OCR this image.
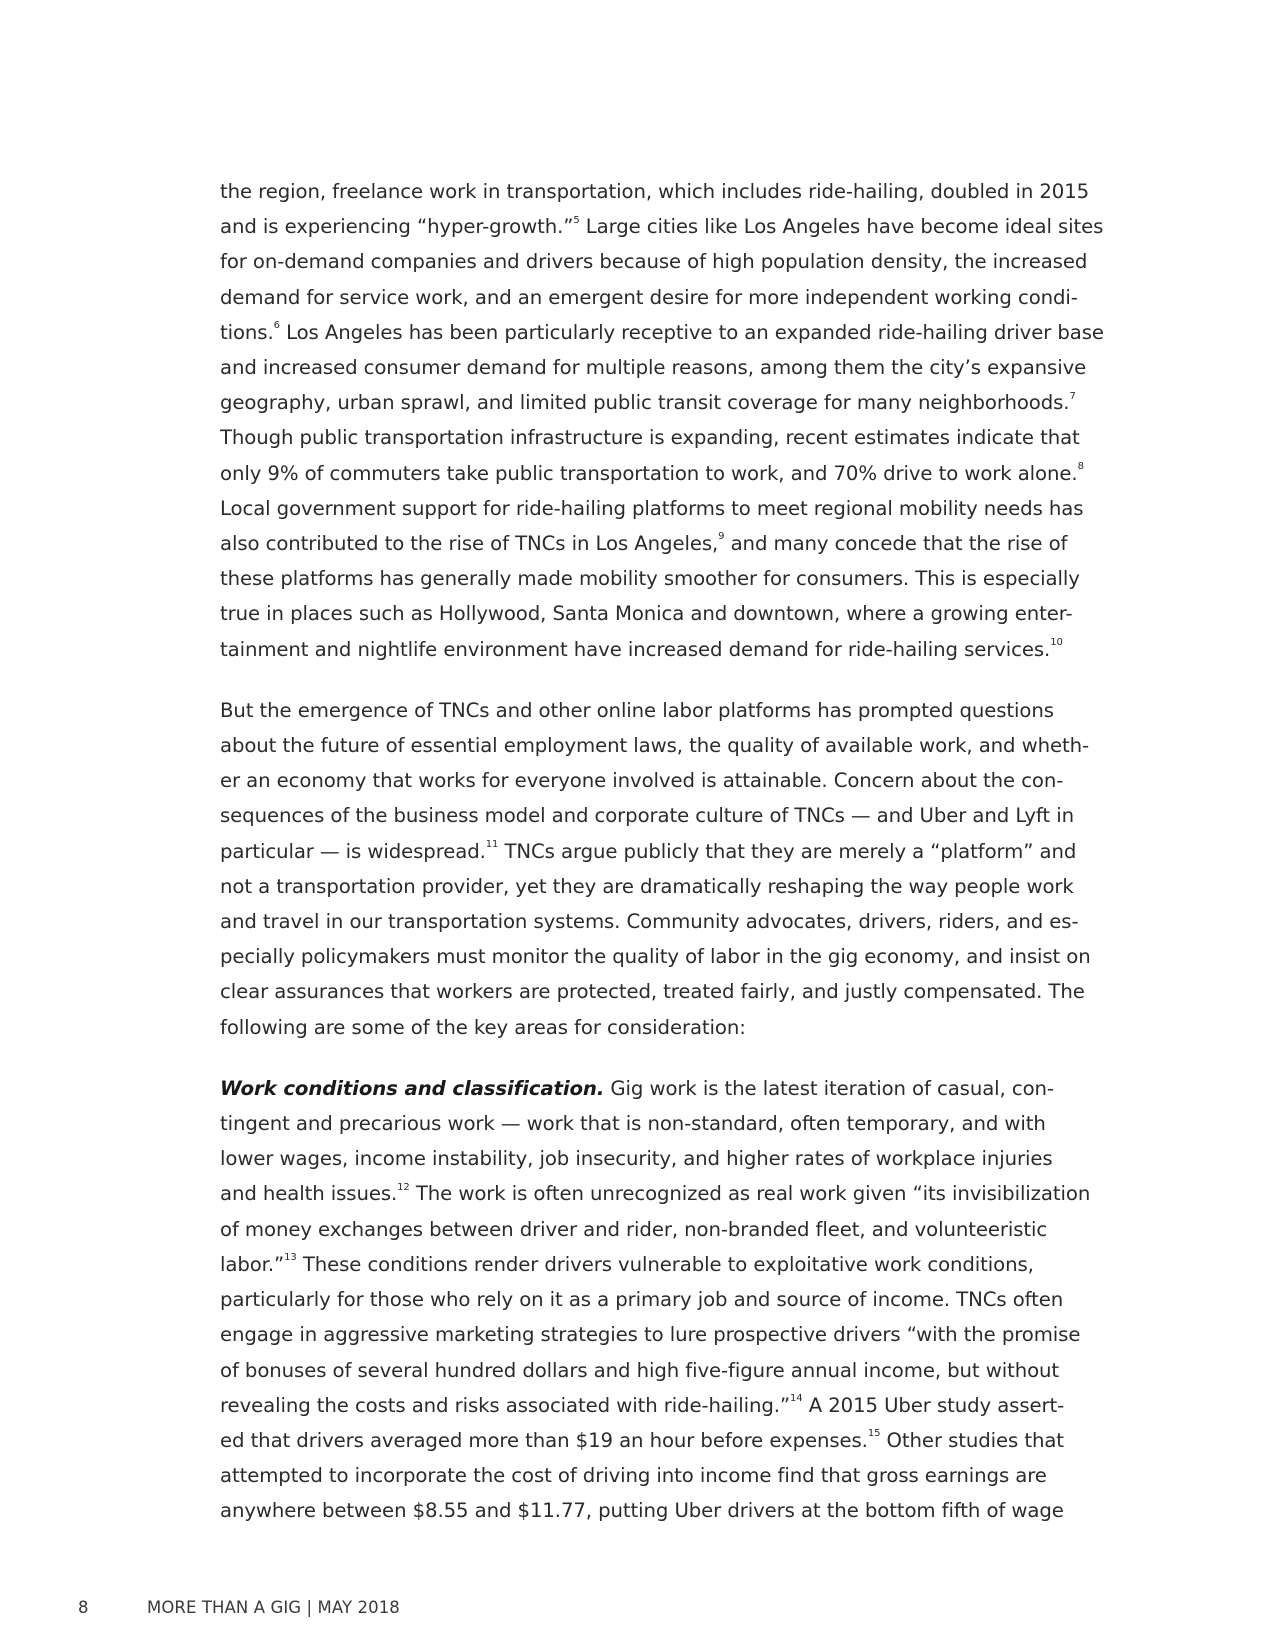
the region, freelance work in transportation, which includes ride-hailing, doubled in 2015
and is experiencing “hyper-growth.”$^5$ Large cities like Los Angeles have become ideal sites
for on-demand companies and drivers because of high population density, the increased
demand for service work, and an emergent desire for more independent working condi-
tions.$^6$ Los Angeles has been particularly receptive to an expanded ride-hailing driver base
and increased consumer demand for multiple reasons, among them the city’s expansive
geography, urban sprawl, and limited public transit coverage for many neighborhoods.$^7$
Though public transportation infrastructure is expanding, recent estimates indicate that
only 9% of commuters take public transportation to work, and 70% drive to work alone.$^8$
Local government support for ride-hailing platforms to meet regional mobility needs has
also contributed to the rise of TNCs in Los Angeles,$^9$ and many concede that the rise of
these platforms has generally made mobility smoother for consumers. This is especially
true in places such as Hollywood, Santa Monica and downtown, where a growing enter-
tainment and nightlife environment have increased demand for ride-hailing services.$^{10}$

But the emergence of TNCs and other online labor platforms has prompted questions
about the future of essential employment laws, the quality of available work, and wheth-
er an economy that works for everyone involved is attainable. Concern about the con-
sequences of the business model and corporate culture of TNCs — and Uber and Lyft in
particular — is widespread.$^{11}$ TNCs argue publicly that they are merely a “platform” and
not a transportation provider, yet they are dramatically reshaping the way people work
and travel in our transportation systems. Community advocates, drivers, riders, and es-
pecially policymakers must monitor the quality of labor in the gig economy, and insist on
clear assurances that workers are protected, treated fairly, and justly compensated. The
following are some of the key areas for consideration:

Work conditions and classification. Gig work is the latest iteration of casual, con-
tingent and precarious work — work that is non-standard, often temporary, and with
lower wages, income instability, job insecurity, and higher rates of workplace injuries
and health issues.$^{12}$ The work is often unrecognized as real work given “its invisibilization
of money exchanges between driver and rider, non-branded fleet, and volunteeristic
labor.”$^{13}$ These conditions render drivers vulnerable to exploitative work conditions,
particularly for those who rely on it as a primary job and source of income. TNCs often
engage in aggressive marketing strategies to lure prospective drivers “with the promise
of bonuses of several hundred dollars and high five-figure annual income, but without
revealing the costs and risks associated with ride-hailing.”$^{14}$ A 2015 Uber study assert-
ed that drivers averaged more than $19 an hour before expenses.$^{15}$ Other studies that
attempted to incorporate the cost of driving into income find that gross earnings are
anywhere between $8.55 and $11.77, putting Uber drivers at the bottom fifth of wage

8	MORE THAN A GIG | MAY 2018
